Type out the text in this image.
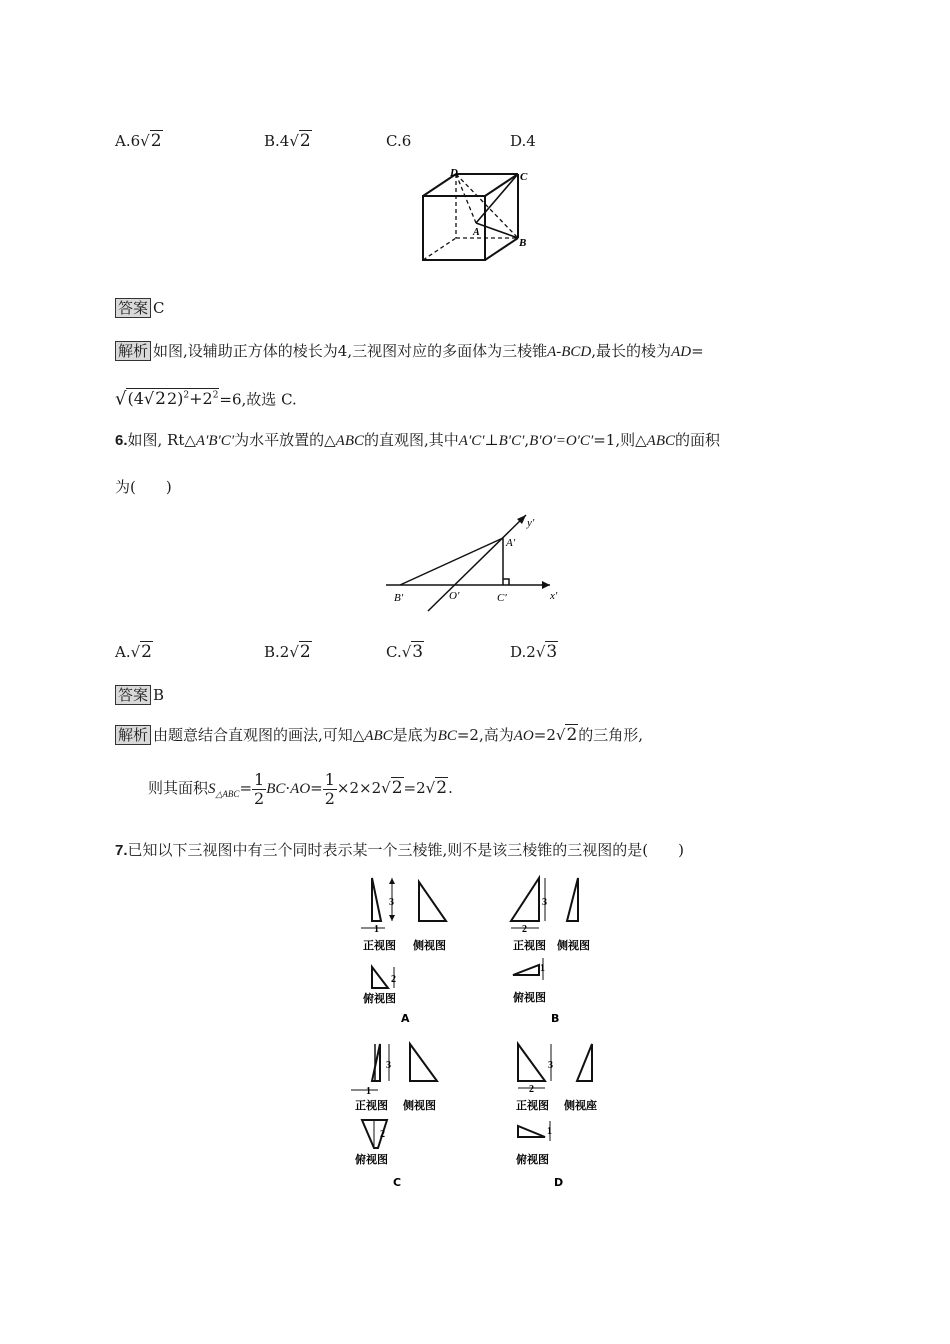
A.6√2	B.4√2	C.6	D.4
D	C
A
B
答案 C
解析 如图,设辅助正方体的棱长为4,三视图对应的多面体为三棱锥A-BCD,最长的棱为AD=
$√(4√22)^2+2^2=6$,故选 C.
6.如图, Rt△A′B′C′为水平放置的△ABC的直观图,其中A′C′⊥B′C′,B′O′=O′C′=1,则△ABC的面积
为(　　)
y′
A′
B′	O′	C′	x′
A.√2	B.2√2	C.√3	D.2√3
答案 B
解析 由题意结合直观图的画法,可知△ABC是底为BC=2,高为AO=2√2的三角形,
则其面积$S_{\triangle ABC}= \frac{1}{2} BC\cdot AO= \frac{1}{2} \times 2\times 2√2=2√2$.
7.已知以下三视图中有三个同时表示某一个三棱锥,则不是该三棱锥的三视图的是(　　)
3
1
正视图 侧视图
2
俯视图
A
3
2
正视图 侧视图
1
俯视图
B
3
1
正视图 侧视图
2
俯视图
C
3
2
正视图 侧视座
1
俯视图
D
